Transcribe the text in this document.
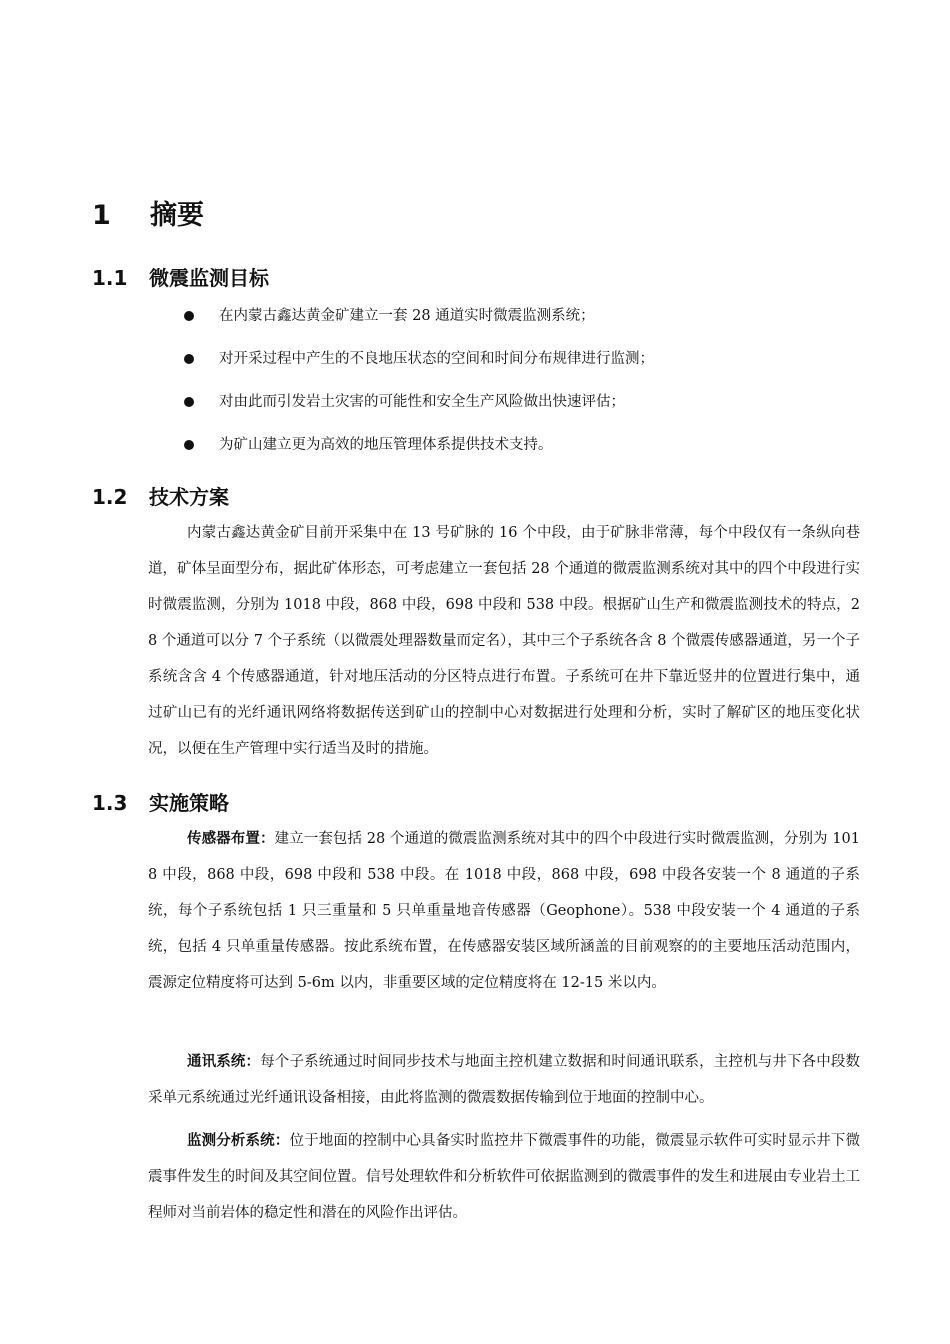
1 摘要
1.1 微震监测目标
在内蒙古鑫达黄金矿建立一套 28 通道实时微震监测系统；
对开采过程中产生的不良地压状态的空间和时间分布规律进行监测；
对由此而引发岩土灾害的可能性和安全生产风险做出快速评估；
为矿山建立更为高效的地压管理体系提供技术支持。
1.2 技术方案
内蒙古鑫达黄金矿目前开采集中在 13 号矿脉的 16 个中段，由于矿脉非常薄，每个中段仅有一条纵向巷道，矿体呈面型分布，据此矿体形态，可考虑建立一套包括 28 个通道的微震监测系统对其中的四个中段进行实时微震监测，分别为 1018 中段，868 中段，698 中段和 538 中段。根据矿山生产和微震监测技术的特点，28 个通道可以分 7 个子系统（以微震处理器数量而定名），其中三个子系统各含 8 个微震传感器通道，另一个子系统含含 4 个传感器通道，针对地压活动的分区特点进行布置。子系统可在井下靠近竖井的位置进行集中，通过矿山已有的光纤通讯网络将数据传送到矿山的控制中心对数据进行处理和分析，实时了解矿区的地压变化状况，以便在生产管理中实行适当及时的措施。
1.3 实施策略
传感器布置：建立一套包括 28 个通道的微震监测系统对其中的四个中段进行实时微震监测，分别为 1018 中段，868 中段，698 中段和 538 中段。在 1018 中段，868 中段，698 中段各安装一个 8 通道的子系统，每个子系统包括 1 只三重量和 5 只单重量地音传感器（Geophone）。538 中段安装一个 4 通道的子系统，包括 4 只单重量传感器。按此系统布置，在传感器安装区域所涵盖的目前观察的的主要地压活动范围内，震源定位精度将可达到 5-6m 以内，非重要区域的定位精度将在 12-15 米以内。
通讯系统：每个子系统通过时间同步技术与地面主控机建立数据和时间通讯联系，主控机与井下各中段数采单元系统通过光纤通讯设备相接，由此将监测的微震数据传输到位于地面的控制中心。
监测分析系统：位于地面的控制中心具备实时监控井下微震事件的功能，微震显示软件可实时显示井下微震事件发生的时间及其空间位置。信号处理软件和分析软件可依据监测到的微震事件的发生和进展由专业岩土工程师对当前岩体的稳定性和潜在的风险作出评估。
